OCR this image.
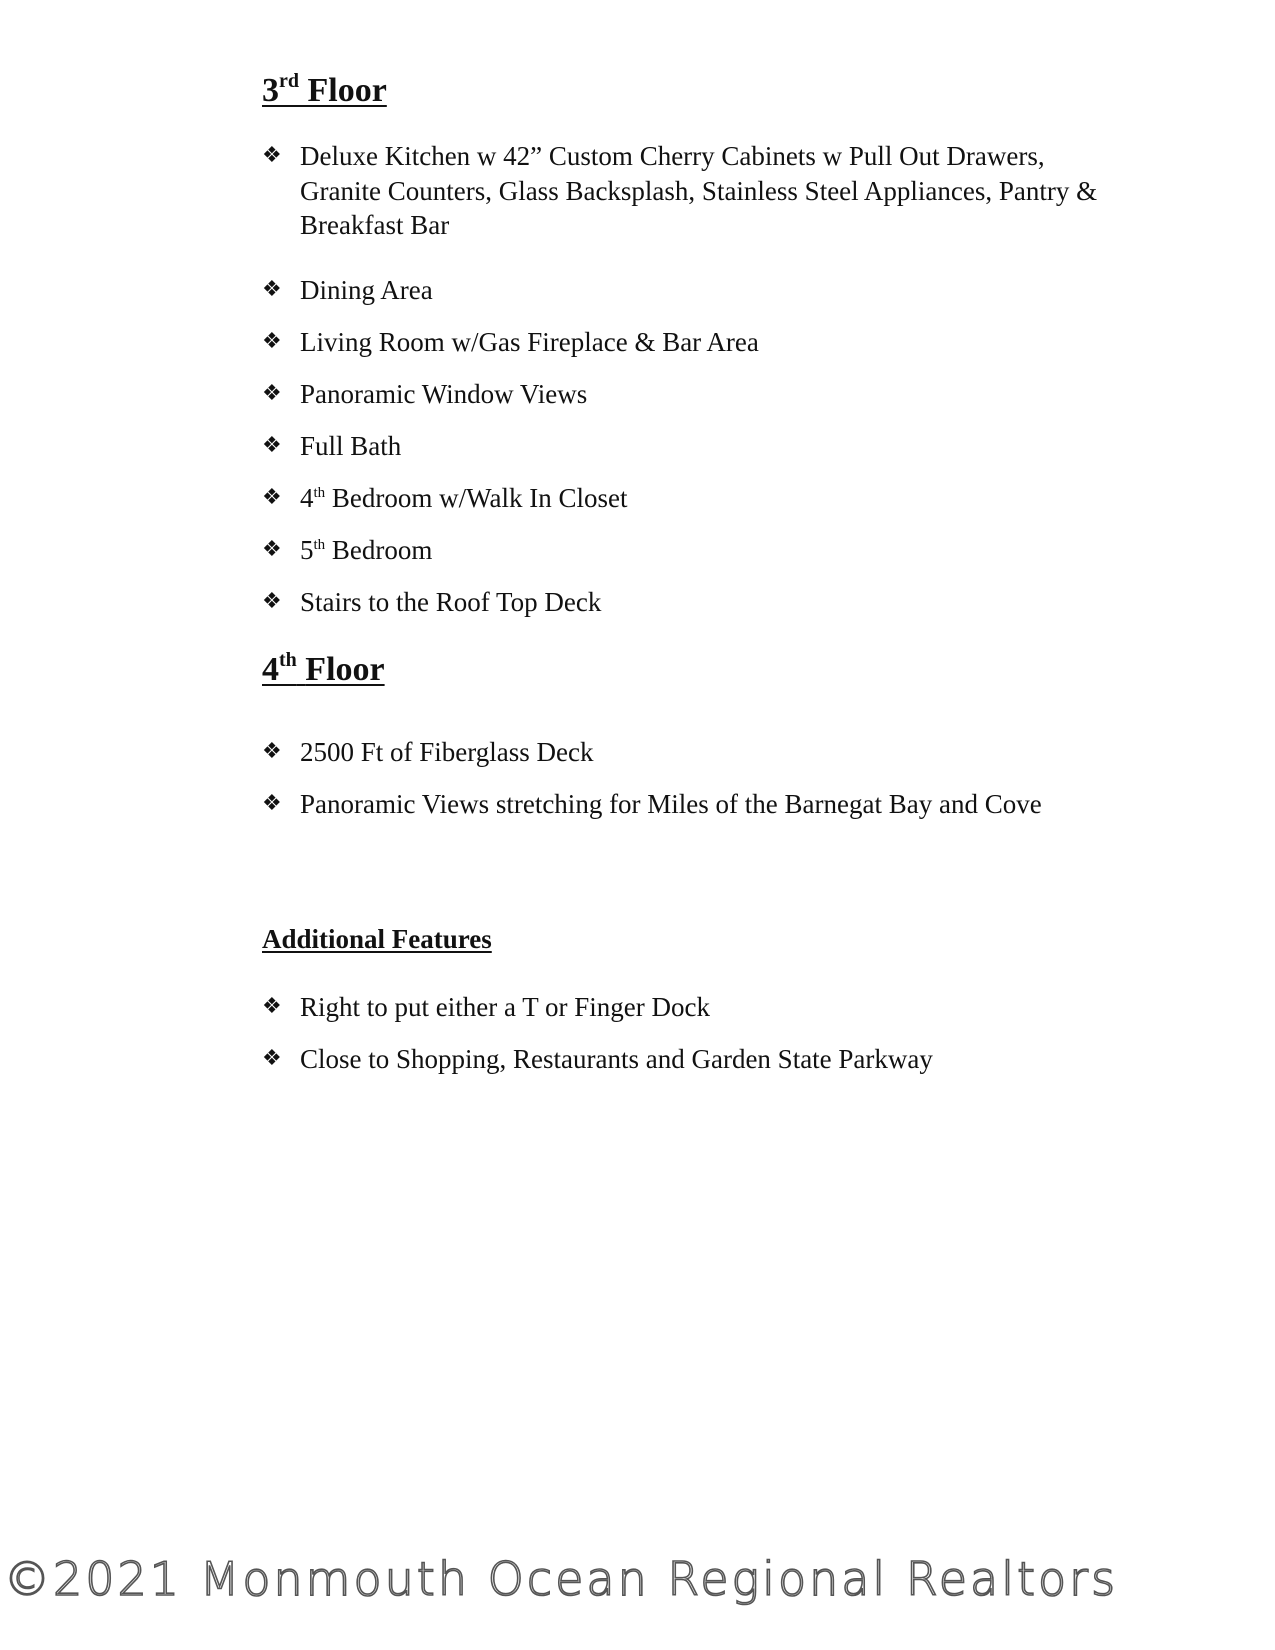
3rd Floor
❖ Deluxe Kitchen w 42” Custom Cherry Cabinets w Pull Out Drawers, Granite Counters, Glass Backsplash, Stainless Steel Appliances, Pantry & Breakfast Bar
❖ Dining Area
❖ Living Room w/Gas Fireplace & Bar Area
❖ Panoramic Window Views
❖ Full Bath
❖ 4th Bedroom w/Walk In Closet
❖ 5th Bedroom
❖ Stairs to the Roof Top Deck
4th Floor
❖ 2500 Ft of Fiberglass Deck
❖ Panoramic Views stretching for Miles of the Barnegat Bay and Cove
Additional Features
❖ Right to put either a T or Finger Dock
❖ Close to Shopping, Restaurants and Garden State Parkway
©2021 Monmouth Ocean Regional Realtors
